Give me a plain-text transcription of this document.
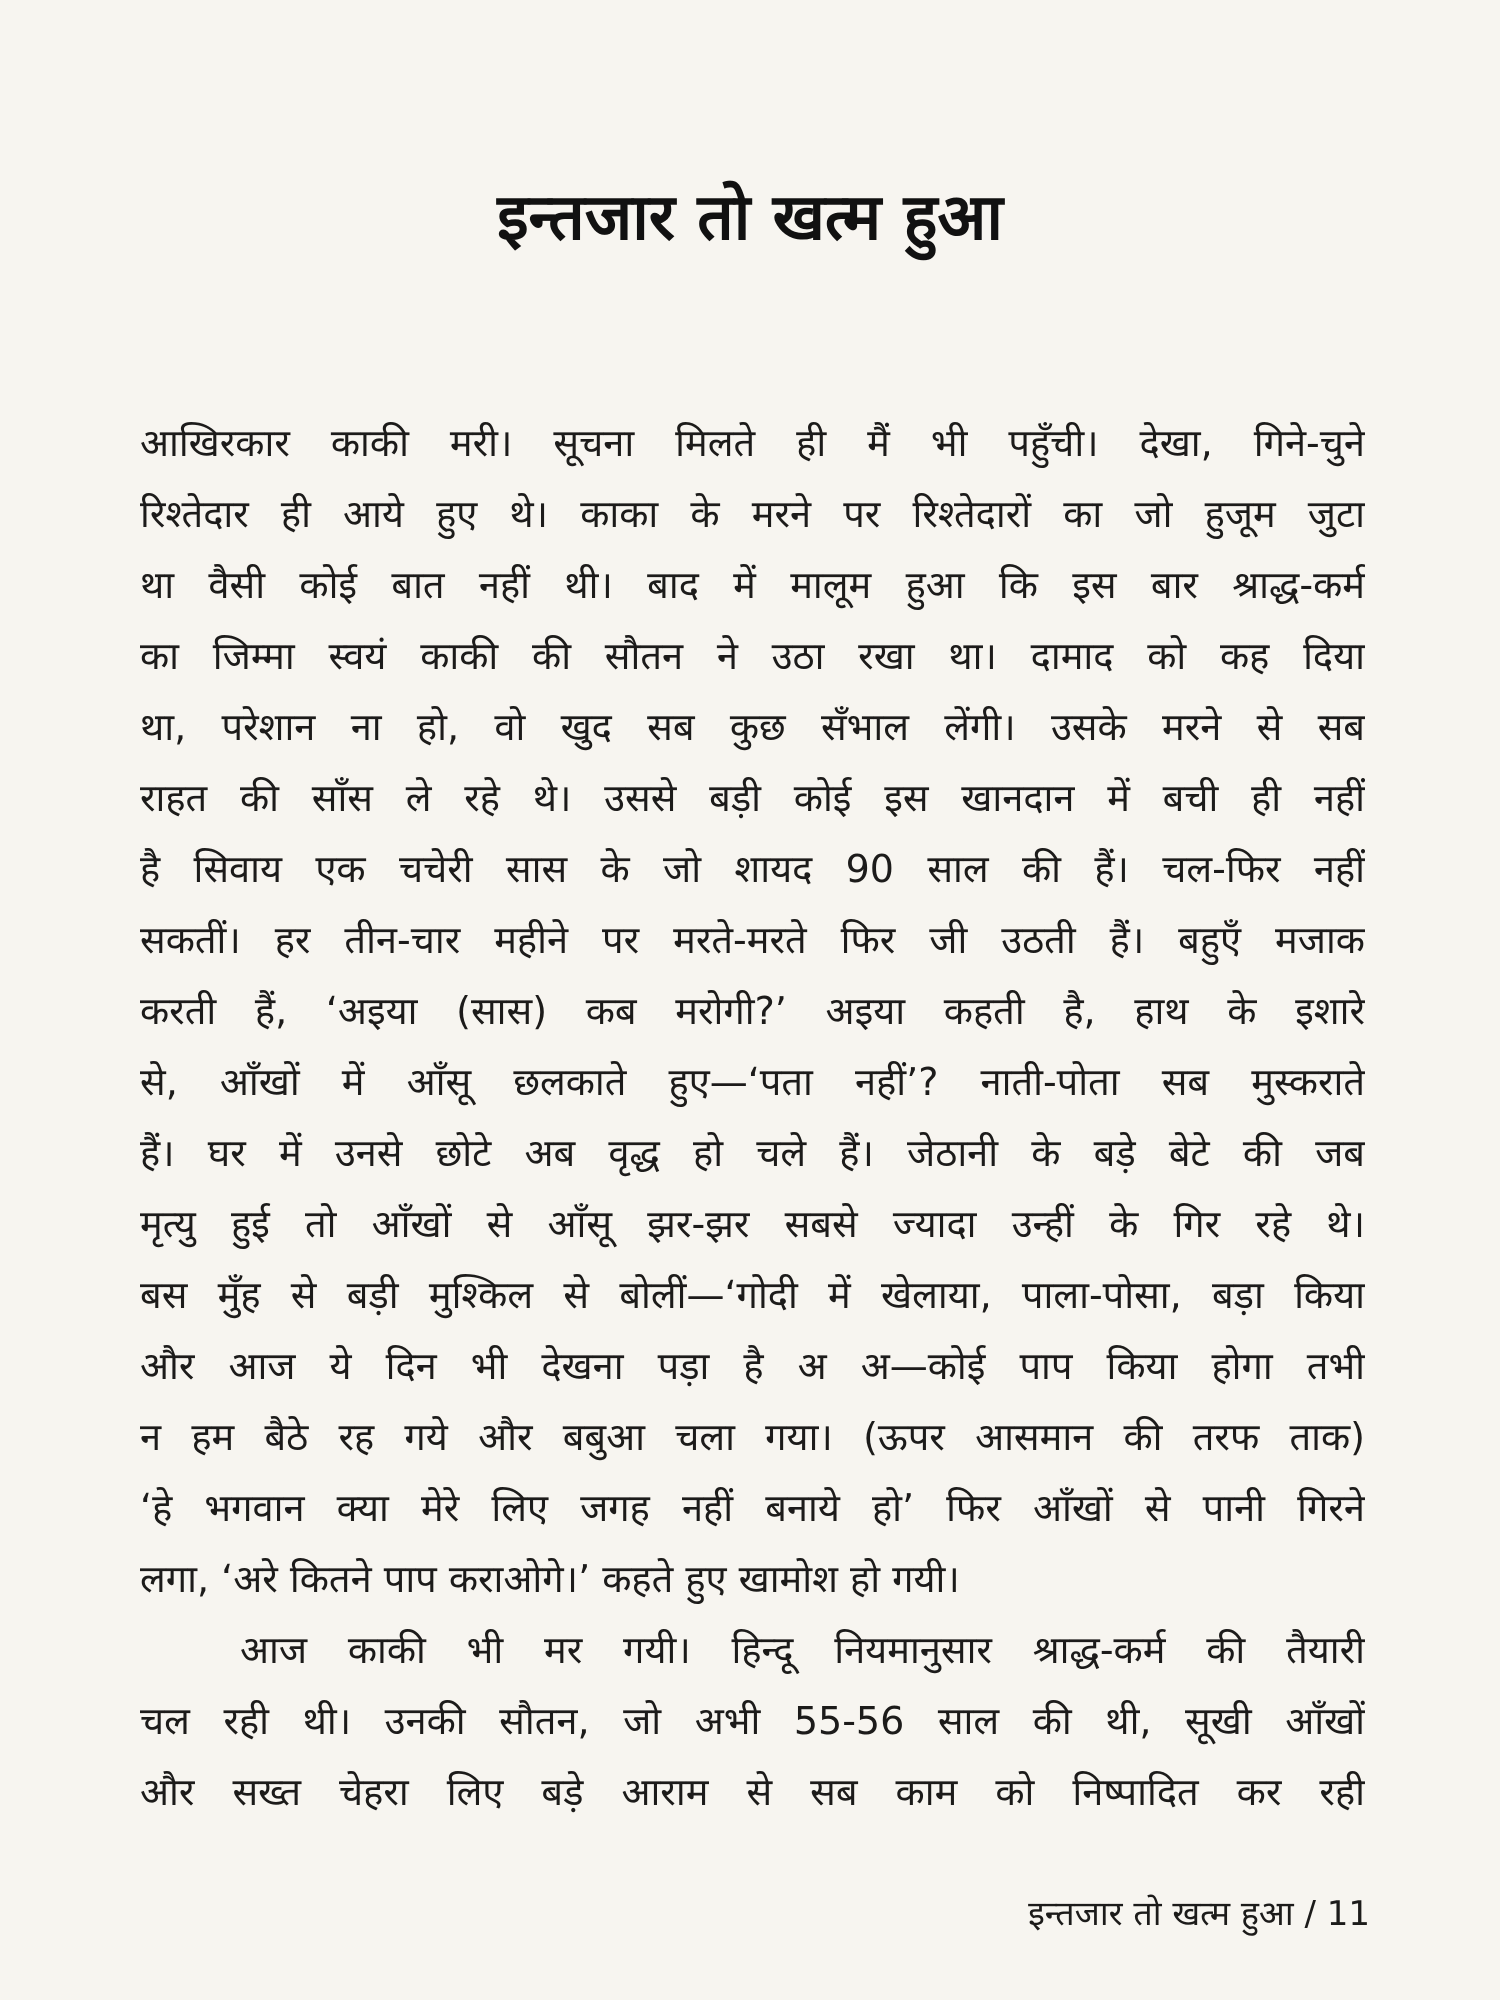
इन्तजार तो खत्म हुआ
आखिरकार काकी मरी। सूचना मिलते ही मैं भी पहुँची। देखा, गिने-चुने
रिश्तेदार ही आये हुए थे। काका के मरने पर रिश्तेदारों का जो हुजूम जुटा
था वैसी कोई बात नहीं थी। बाद में मालूम हुआ कि इस बार श्राद्ध-कर्म
का जिम्मा स्वयं काकी की सौतन ने उठा रखा था। दामाद को कह दिया
था, परेशान ना हो, वो खुद सब कुछ सँभाल लेंगी। उसके मरने से सब
राहत की साँस ले रहे थे। उससे बड़ी कोई इस खानदान में बची ही नहीं
है सिवाय एक चचेरी सास के जो शायद 90 साल की हैं। चल-फिर नहीं
सकतीं। हर तीन-चार महीने पर मरते-मरते फिर जी उठती हैं। बहुएँ मजाक
करती हैं, ‘अइया (सास) कब मरोगी?’ अइया कहती है, हाथ के इशारे
से, आँखों में आँसू छलकाते हुए—‘पता नहीं’? नाती-पोता सब मुस्कराते
हैं। घर में उनसे छोटे अब वृद्ध हो चले हैं। जेठानी के बड़े बेटे की जब
मृत्यु हुई तो आँखों से आँसू झर-झर सबसे ज्यादा उन्हीं के गिर रहे थे।
बस मुँह से बड़ी मुश्किल से बोलीं—‘गोदी में खेलाया, पाला-पोसा, बड़ा किया
और आज ये दिन भी देखना पड़ा है अ अ—कोई पाप किया होगा तभी
न हम बैठे रह गये और बबुआ चला गया। (ऊपर आसमान की तरफ ताक)
‘हे भगवान क्या मेरे लिए जगह नहीं बनाये हो’ फिर आँखों से पानी गिरने
लगा, ‘अरे कितने पाप कराओगे।’ कहते हुए खामोश हो गयी।
आज काकी भी मर गयी। हिन्दू नियमानुसार श्राद्ध-कर्म की तैयारी
चल रही थी। उनकी सौतन, जो अभी 55-56 साल की थी, सूखी आँखों
और सख्त चेहरा लिए बड़े आराम से सब काम को निष्पादित कर रही
इन्तजार तो खत्म हुआ / 11
